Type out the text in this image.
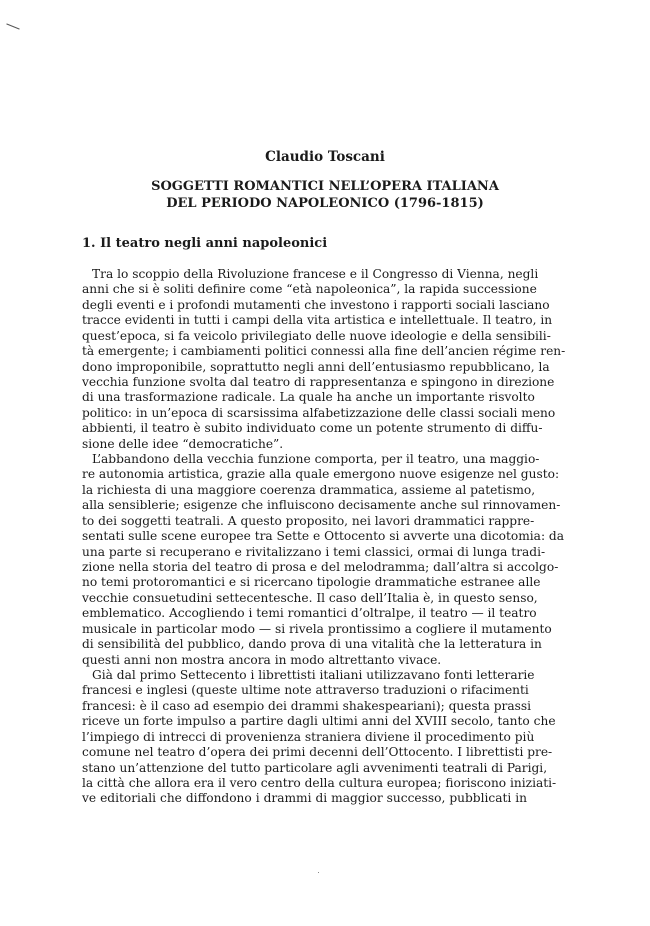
Claudio Toscani
SOGGETTI ROMANTICI NELL’OPERA ITALIANA
DEL PERIODO NAPOLEONICO (1796-1815)
1. Il teatro negli anni napoleonici
Tra lo scoppio della Rivoluzione francese e il Congresso di Vienna, negli
anni che si è soliti definire come “età napoleonica”, la rapida successione
degli eventi e i profondi mutamenti che investono i rapporti sociali lasciano
tracce evidenti in tutti i campi della vita artistica e intellettuale. Il teatro, in
quest’epoca, si fa veicolo privilegiato delle nuove ideologie e della sensibili-
tà emergente; i cambiamenti politici connessi alla fine dell’ancien régime ren-
dono improponibile, soprattutto negli anni dell’entusiasmo repubblicano, la
vecchia funzione svolta dal teatro di rappresentanza e spingono in direzione
di una trasformazione radicale. La quale ha anche un importante risvolto
politico: in un’epoca di scarsissima alfabetizzazione delle classi sociali meno
abbienti, il teatro è subito individuato come un potente strumento di diffu-
sione delle idee “democratiche”.
L’abbandono della vecchia funzione comporta, per il teatro, una maggio-
re autonomia artistica, grazie alla quale emergono nuove esigenze nel gusto:
la richiesta di una maggiore coerenza drammatica, assieme al patetismo,
alla sensiblerie; esigenze che influiscono decisamente anche sul rinnovamen-
to dei soggetti teatrali. A questo proposito, nei lavori drammatici rappre-
sentati sulle scene europee tra Sette e Ottocento si avverte una dicotomia: da
una parte si recuperano e rivitalizzano i temi classici, ormai di lunga tradi-
zione nella storia del teatro di prosa e del melodramma; dall’altra si accolgo-
no temi protoromantici e si ricercano tipologie drammatiche estranee alle
vecchie consuetudini settecentesche. Il caso dell’Italia è, in questo senso,
emblematico. Accogliendo i temi romantici d’oltralpe, il teatro — il teatro
musicale in particolar modo — si rivela prontissimo a cogliere il mutamento
di sensibilità del pubblico, dando prova di una vitalità che la letteratura in
questi anni non mostra ancora in modo altrettanto vivace.
Già dal primo Settecento i librettisti italiani utilizzavano fonti letterarie
francesi e inglesi (queste ultime note attraverso traduzioni o rifacimenti
francesi: è il caso ad esempio dei drammi shakespeariani); questa prassi
riceve un forte impulso a partire dagli ultimi anni del XVIII secolo, tanto che
l’impiego di intrecci di provenienza straniera diviene il procedimento più
comune nel teatro d’opera dei primi decenni dell’Ottocento. I librettisti pre-
stano un’attenzione del tutto particolare agli avvenimenti teatrali di Parigi,
la città che allora era il vero centro della cultura europea; fioriscono iniziati-
ve editoriali che diffondono i drammi di maggior successo, pubblicati in
